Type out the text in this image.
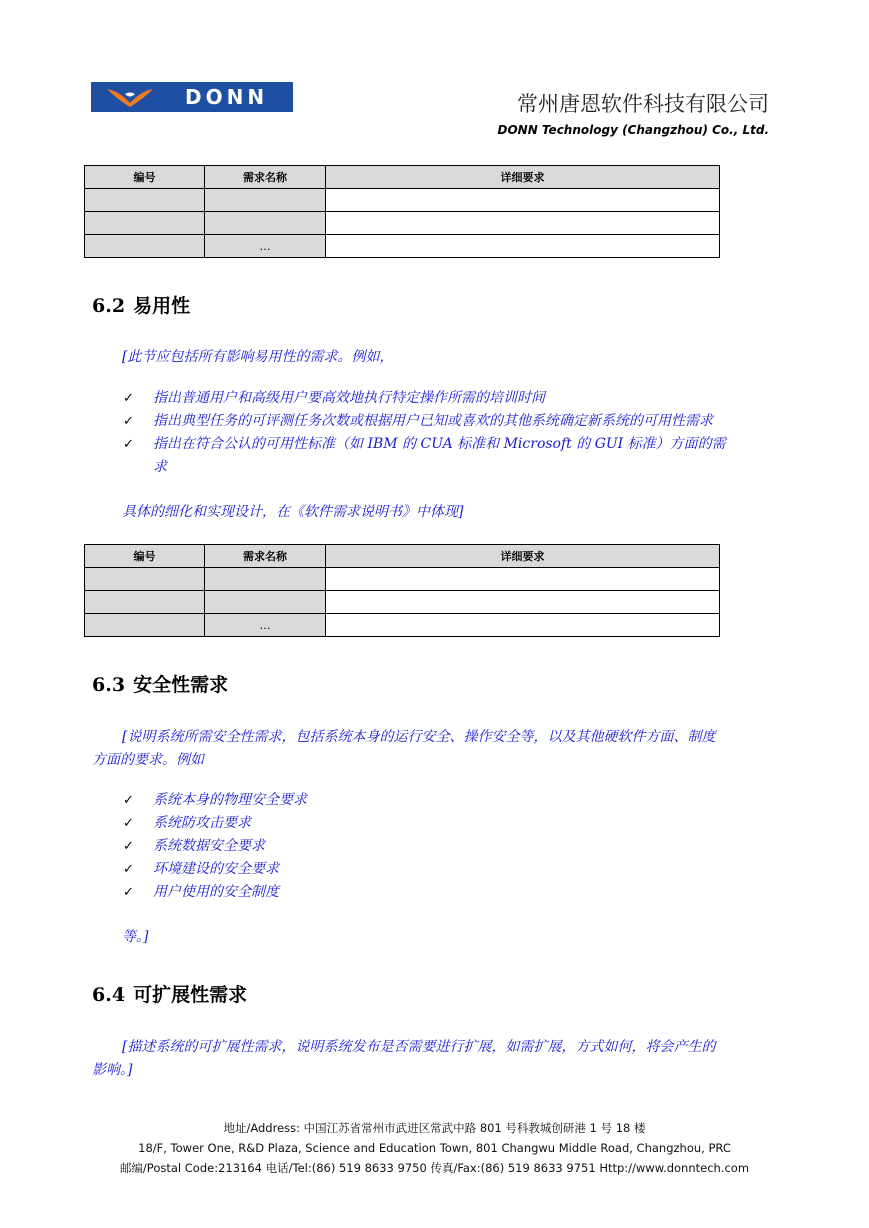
DONN	常州唐恩软件科技有限公司
DONN Technology (Changzhou) Co., Ltd.
编号	需求名称	详细要求

	…	
6.2 易用性
[此节应包括所有影响易用性的需求。例如，
✓ 指出普通用户和高级用户要高效地执行特定操作所需的培训时间
✓ 指出典型任务的可评测任务次数或根据用户已知或喜欢的其他系统确定新系统的可用性需求
✓ 指出在符合公认的可用性标准（如 IBM 的 CUA 标准和 Microsoft 的 GUI 标准）方面的需
求
具体的细化和实现设计，在《软件需求说明书》中体现]
编号	需求名称	详细要求

	…	
6.3 安全性需求
[说明系统所需安全性需求，包括系统本身的运行安全、操作安全等，以及其他硬软件方面、制度
方面的要求。例如
✓ 系统本身的物理安全要求
✓ 系统防攻击要求
✓ 系统数据安全要求
✓ 环境建设的安全要求
✓ 用户使用的安全制度
等。]
6.4 可扩展性需求
[描述系统的可扩展性需求，说明系统发布是否需要进行扩展，如需扩展，方式如何，将会产生的
影响。]
地址/Address: 中国江苏省常州市武进区常武中路 801 号科教城创研港 1 号 18 楼
18/F, Tower One, R&D Plaza, Science and Education Town, 801 Changwu Middle Road, Changzhou, PRC
邮编/Postal Code:213164 电话/Tel:(86) 519 8633 9750 传真/Fax:(86) 519 8633 9751 Http://www.donntech.com
